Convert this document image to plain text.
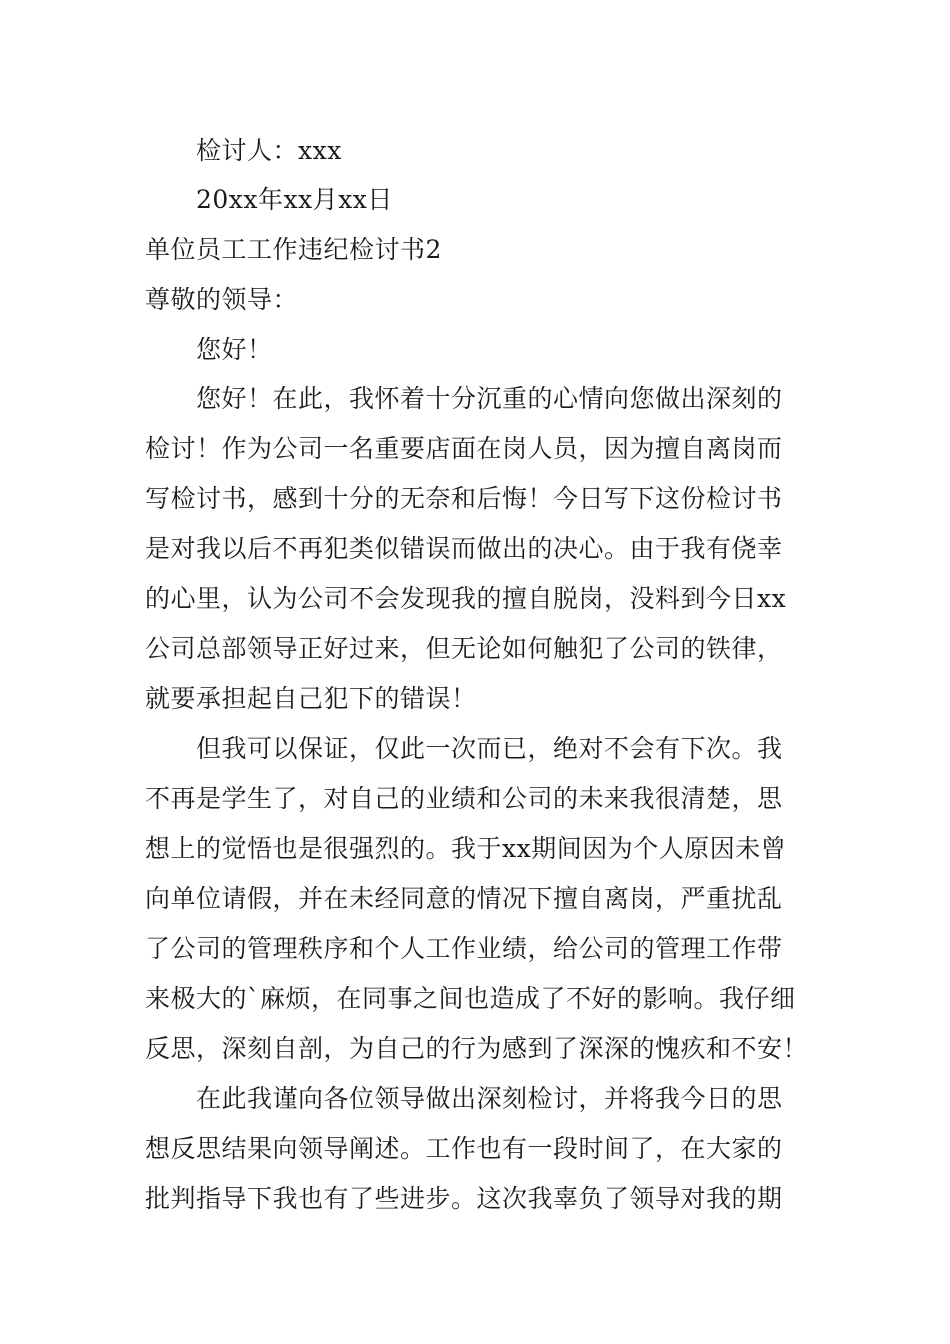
检讨人：xxx
20xx年xx月xx日
单位员工工作违纪检讨书2
尊敬的领导：
您好！
您好！在此，我怀着十分沉重的心情向您做出深刻的
检讨！作为公司一名重要店面在岗人员，因为擅自离岗而
写检讨书，感到十分的无奈和后悔！今日写下这份检讨书
是对我以后不再犯类似错误而做出的决心。由于我有侥幸
的心里，认为公司不会发现我的擅自脱岗，没料到今日xx
公司总部领导正好过来，但无论如何触犯了公司的铁律，
就要承担起自己犯下的错误！
但我可以保证，仅此一次而已，绝对不会有下次。我
不再是学生了，对自己的业绩和公司的未来我很清楚，思
想上的觉悟也是很强烈的。我于xx期间因为个人原因未曾
向单位请假，并在未经同意的情况下擅自离岗，严重扰乱
了公司的管理秩序和个人工作业绩，给公司的管理工作带
来极大的`麻烦，在同事之间也造成了不好的影响。我仔细
反思，深刻自剖，为自己的行为感到了深深的愧疚和不安！
在此我谨向各位领导做出深刻检讨，并将我今日的思
想反思结果向领导阐述。工作也有一段时间了，在大家的
批判指导下我也有了些进步。这次我辜负了领导对我的期
